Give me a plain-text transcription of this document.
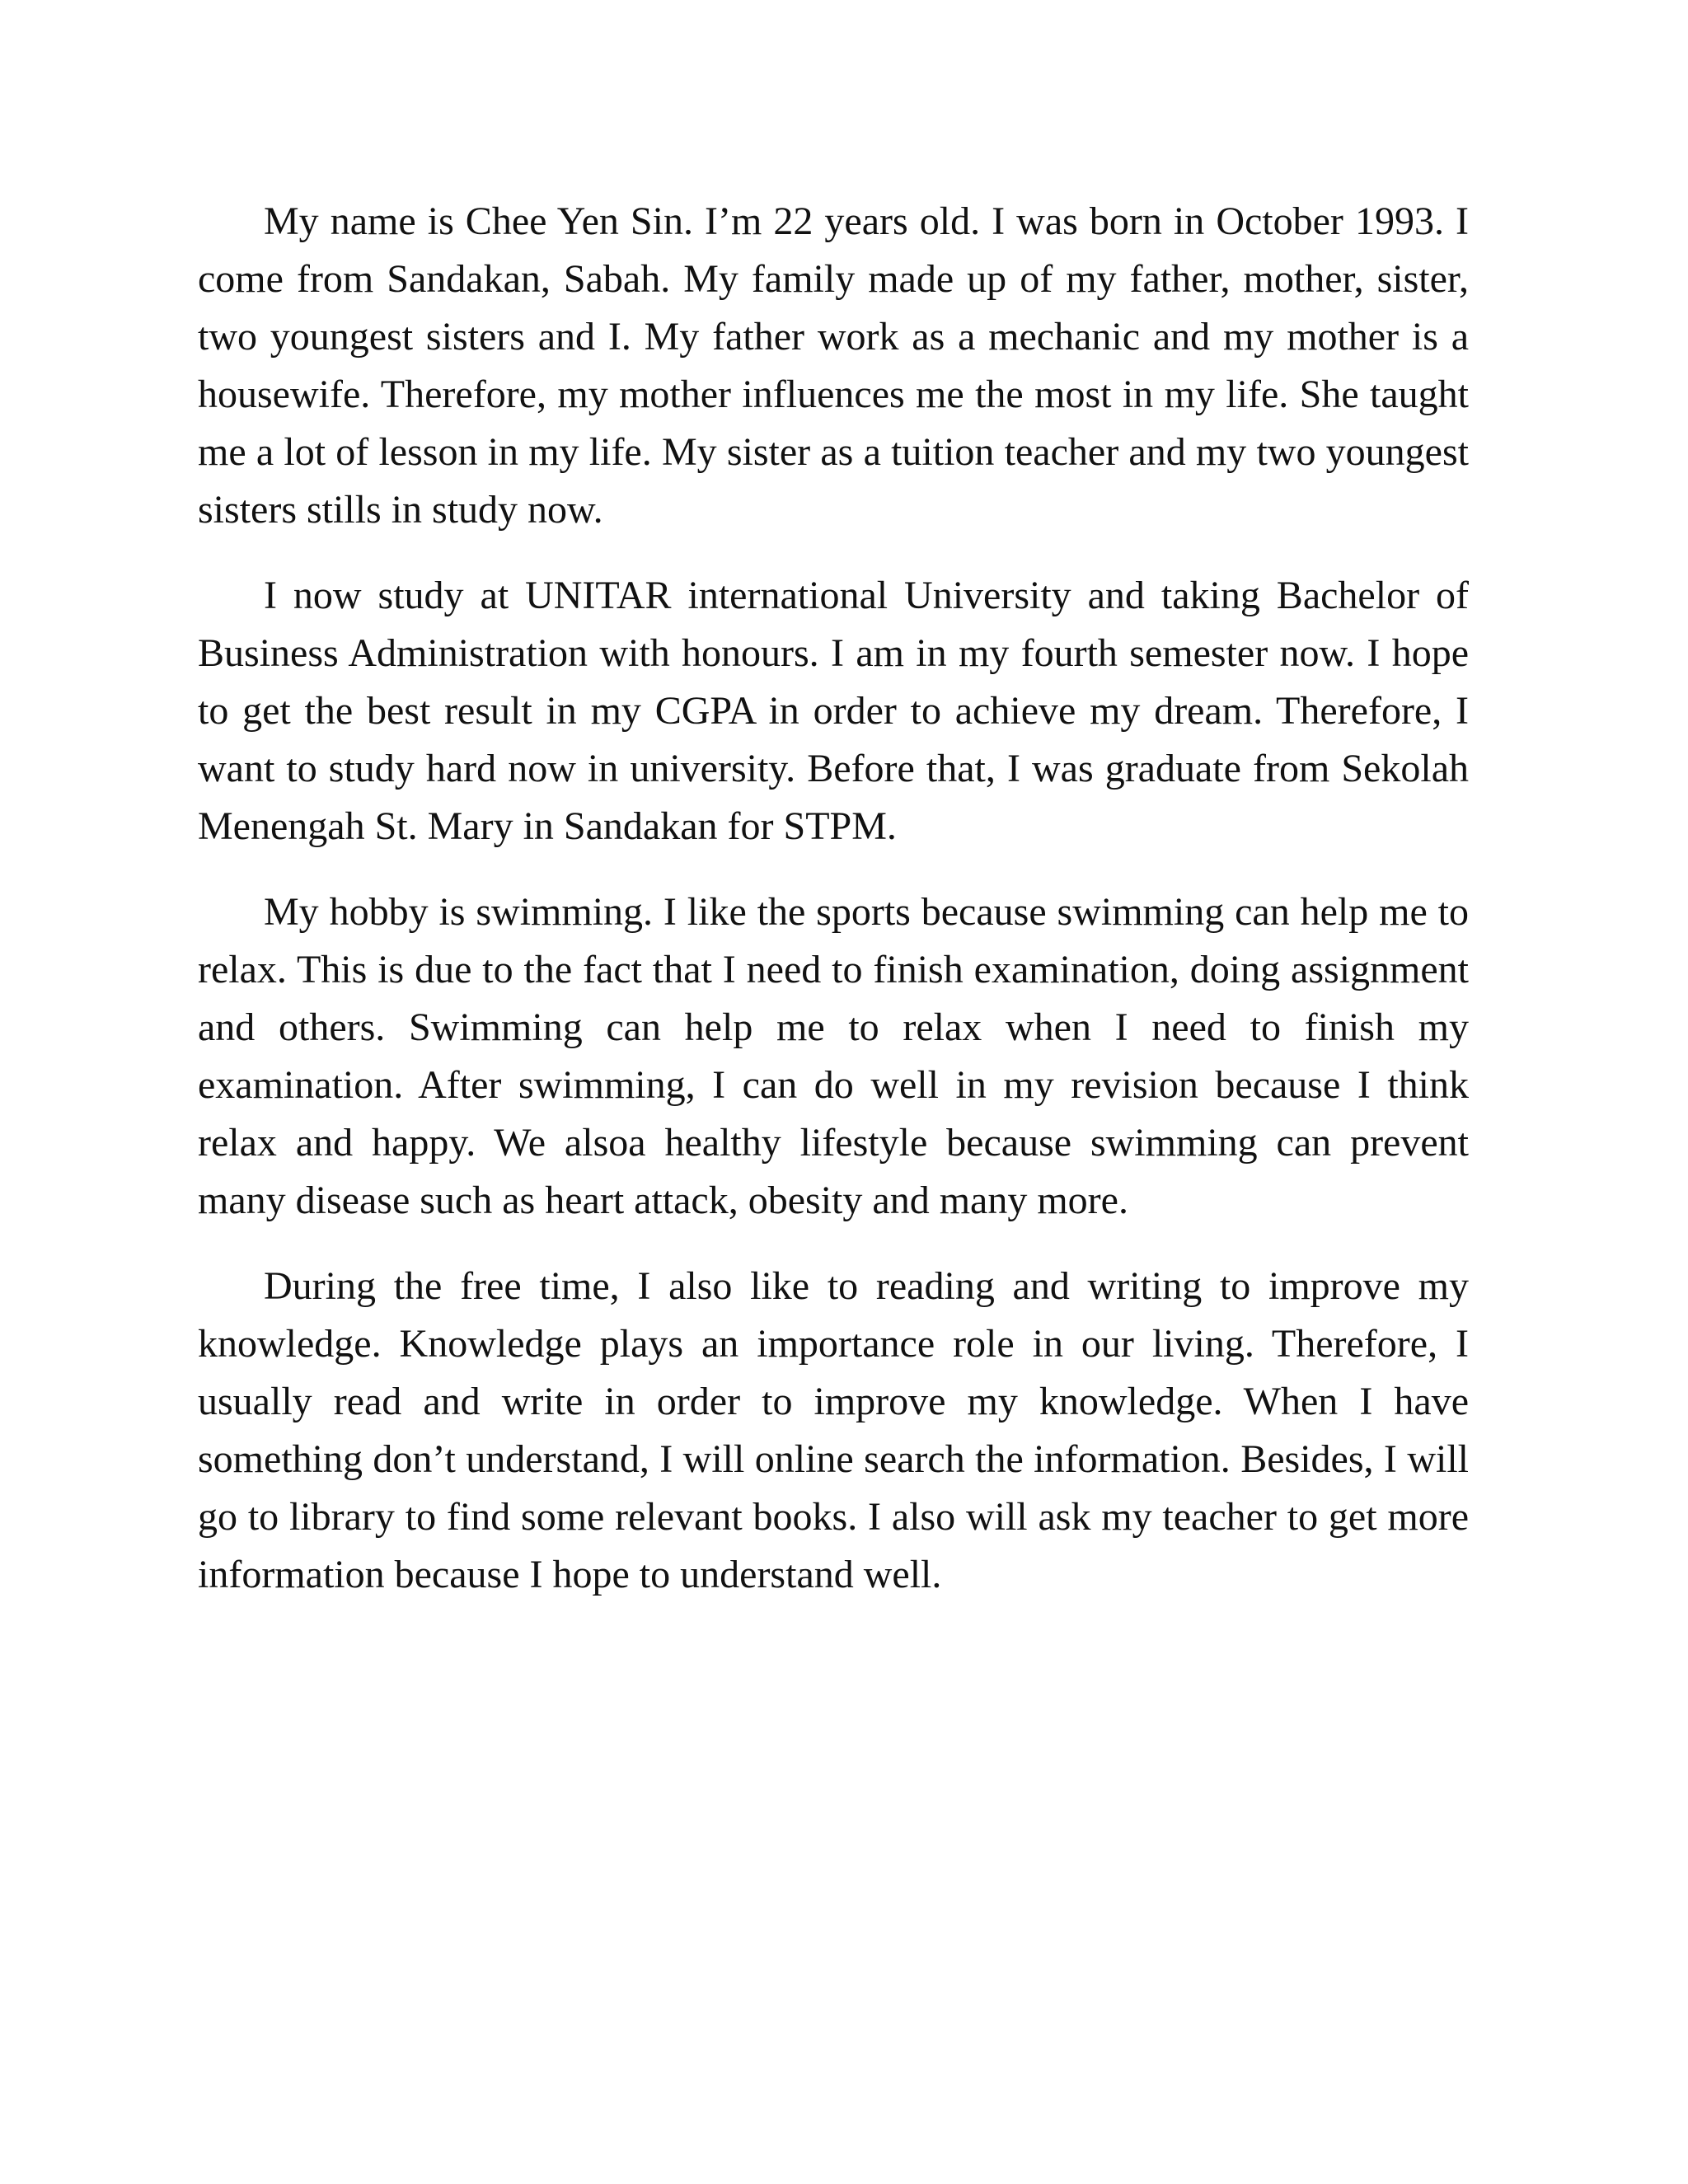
My name is Chee Yen Sin. I’m 22 years old. I was born in October 1993. I come from Sandakan, Sabah. My family made up of my father, mother, sister, two youngest sisters and I. My father work as a mechanic and my mother is a housewife. Therefore, my mother influences me the most in my life. She taught me a lot of lesson in my life. My sister as a tuition teacher and my two youngest sisters stills in study now.

I now study at UNITAR international University and taking Bachelor of Business Administration with honours. I am in my fourth semester now. I hope to get the best result in my CGPA in order to achieve my dream. Therefore, I want to study hard now in university. Before that, I was graduate from Sekolah Menengah St. Mary in Sandakan for STPM.

My hobby is swimming. I like the sports because swimming can help me to relax. This is due to the fact that I need to finish examination, doing assignment and others. Swimming can help me to relax when I need to finish my examination. After swimming, I can do well in my revision because I think relax and happy. We alsoa healthy lifestyle because swimming can prevent many disease such as heart attack, obesity and many more.

During the free time, I also like to reading and writing to improve my knowledge. Knowledge plays an importance role in our living. Therefore, I usually read and write in order to improve my knowledge. When I have something don’t understand, I will online search the information. Besides, I will go to library to find some relevant books. I also will ask my teacher to get more information because I hope to understand well.
